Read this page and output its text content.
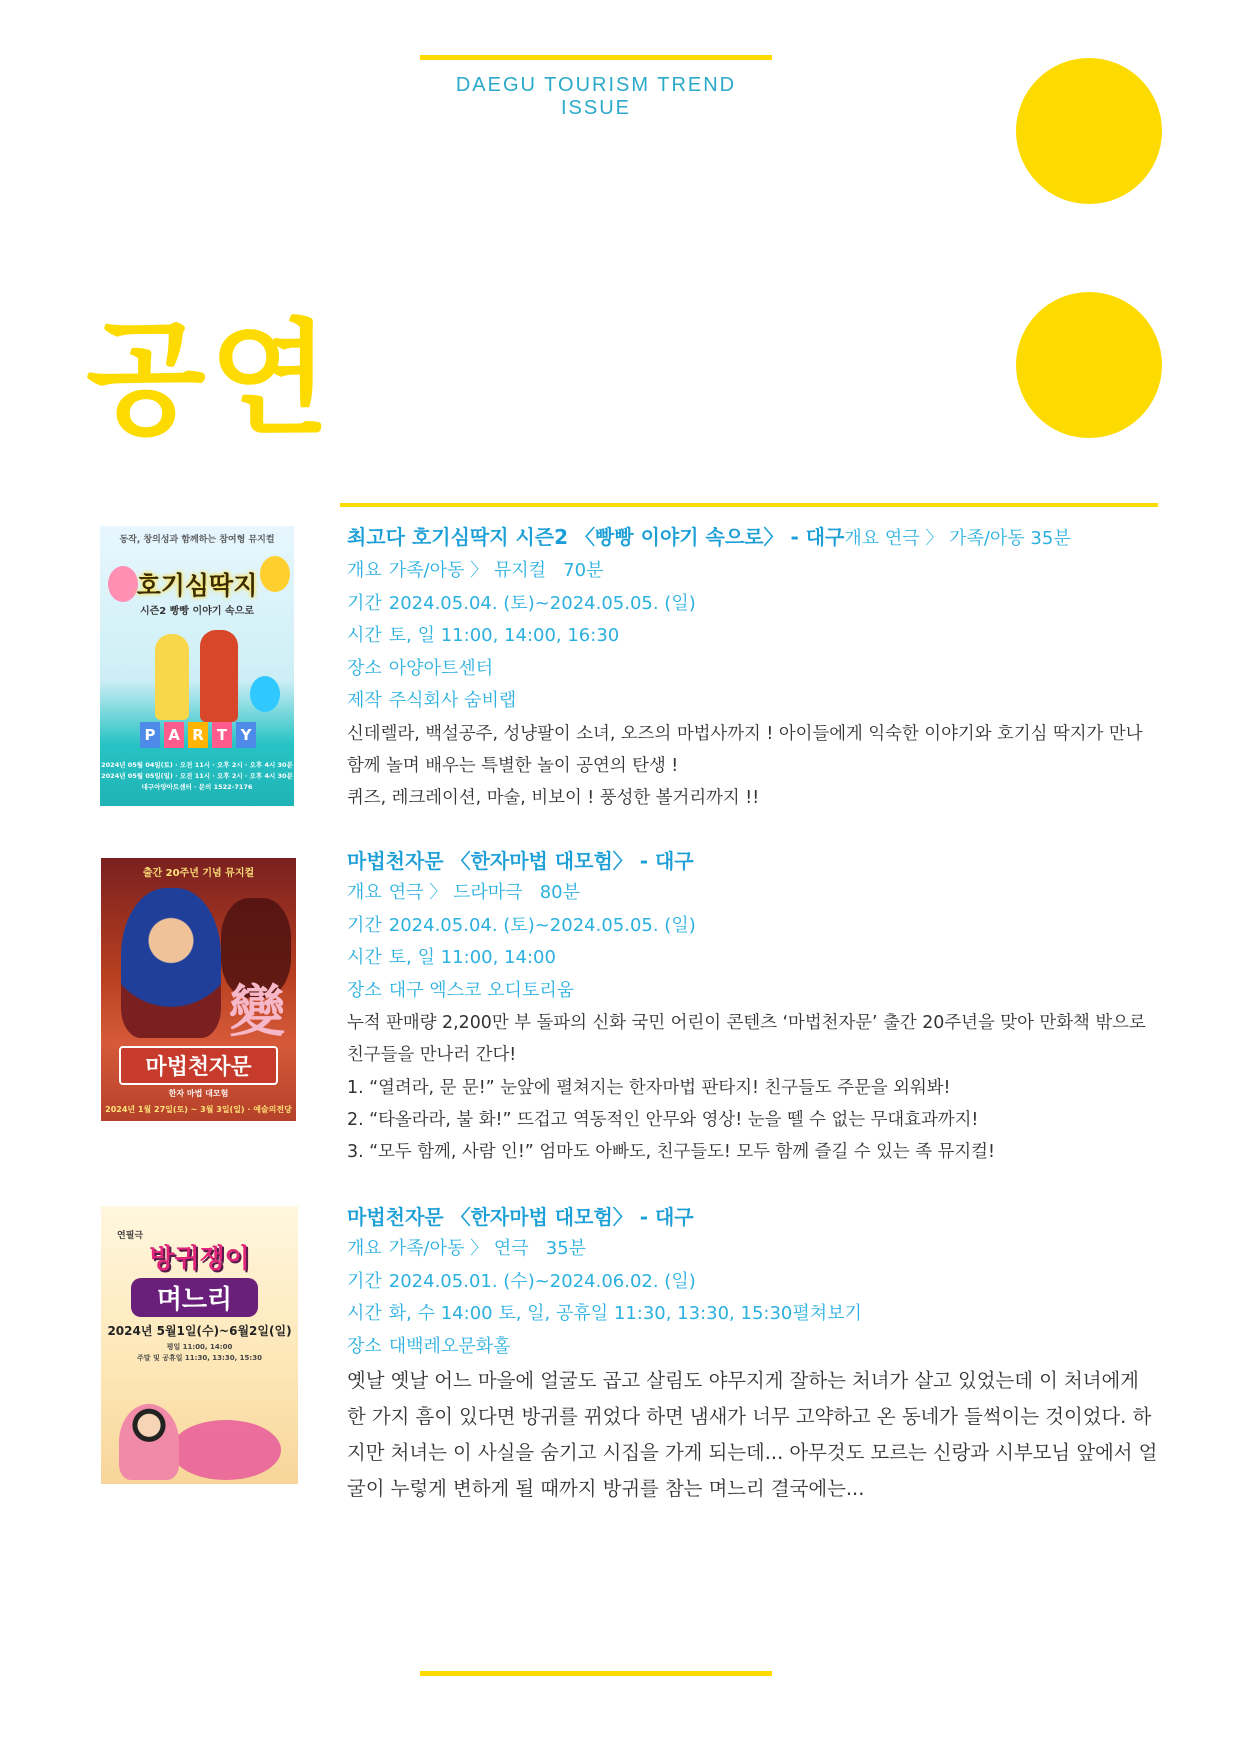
DAEGU TOURISM TREND ISSUE
공연
동작, 창의성과 함께하는 참여형 뮤지컬
호기심딱지
시즌2 빵빵 이야기 속으로
P A R T Y
2024년 05월 04일(토) · 오전 11시 · 오후 2시 · 오후 4시 30분
2024년 05월 05일(일) · 오전 11시 · 오후 2시 · 오후 4시 30분
대구아양아트센터 · 문의 1522-7176
출간 20주년 기념 뮤지컬
變
마법천자문
한자 마법 대모험
2024년 1월 27일(토) ~ 3월 3일(일) · 예술의전당
연필극
방귀쟁이
며느리
2024년 5월1일(수)~6월2일(일)
평일 11:00, 14:00
주말 및 공휴일 11:30, 13:30, 15:30
최고다 호기심딱지 시즌2 〈빵빵 이야기 속으로〉 - 대구개요 연극 〉 가족/아동 35분
개요 가족/아동 〉 뮤지컬   70분
기간 2024.05.04. (토)~2024.05.05. (일)
시간 토, 일 11:00, 14:00, 16:30
장소 아양아트센터
제작 주식회사 숨비랩
신데렐라, 백설공주, 성냥팔이 소녀, 오즈의 마법사까지 ! 아이들에게 익숙한 이야기와 호기심 딱지가 만나 함께 놀며 배우는 특별한 놀이 공연의 탄생 !
퀴즈, 레크레이션, 마술, 비보이 ! 풍성한 볼거리까지 !!
마법천자문 〈한자마법 대모험〉 - 대구
개요 연극 〉 드라마극   80분
기간 2024.05.04. (토)~2024.05.05. (일)
시간 토, 일 11:00, 14:00
장소 대구 엑스코 오디토리움
누적 판매량 2,200만 부 돌파의 신화 국민 어린이 콘텐츠 ‘마법천자문’ 출간 20주년을 맞아 만화책 밖으로 친구들을 만나러 간다!
1. “열려라, 문 문!” 눈앞에 펼쳐지는 한자마법 판타지! 친구들도 주문을 외워봐!
2. “타올라라, 불 화!” 뜨겁고 역동적인 안무와 영상! 눈을 뗄 수 없는 무대효과까지!
3. “모두 함께, 사람 인!” 엄마도 아빠도, 친구들도! 모두 함께 즐길 수 있는 족 뮤지컬!
마법천자문 〈한자마법 대모험〉 - 대구
개요 가족/아동 〉 연극   35분
기간 2024.05.01. (수)~2024.06.02. (일)
시간 화, 수 14:00 토, 일, 공휴일 11:30, 13:30, 15:30펼쳐보기
장소 대백레오문화홀
옛날 옛날 어느 마을에 얼굴도 곱고 살림도 야무지게 잘하는 처녀가 살고 있었는데 이 처녀에게 한 가지 흠이 있다면 방귀를 뀌었다 하면 냄새가 너무 고약하고 온 동네가 들썩이는 것이었다. 하지만 처녀는 이 사실을 숨기고 시집을 가게 되는데... 아무것도 모르는 신랑과 시부모님 앞에서 얼굴이 누렇게 변하게 될 때까지 방귀를 참는 며느리 결국에는...
